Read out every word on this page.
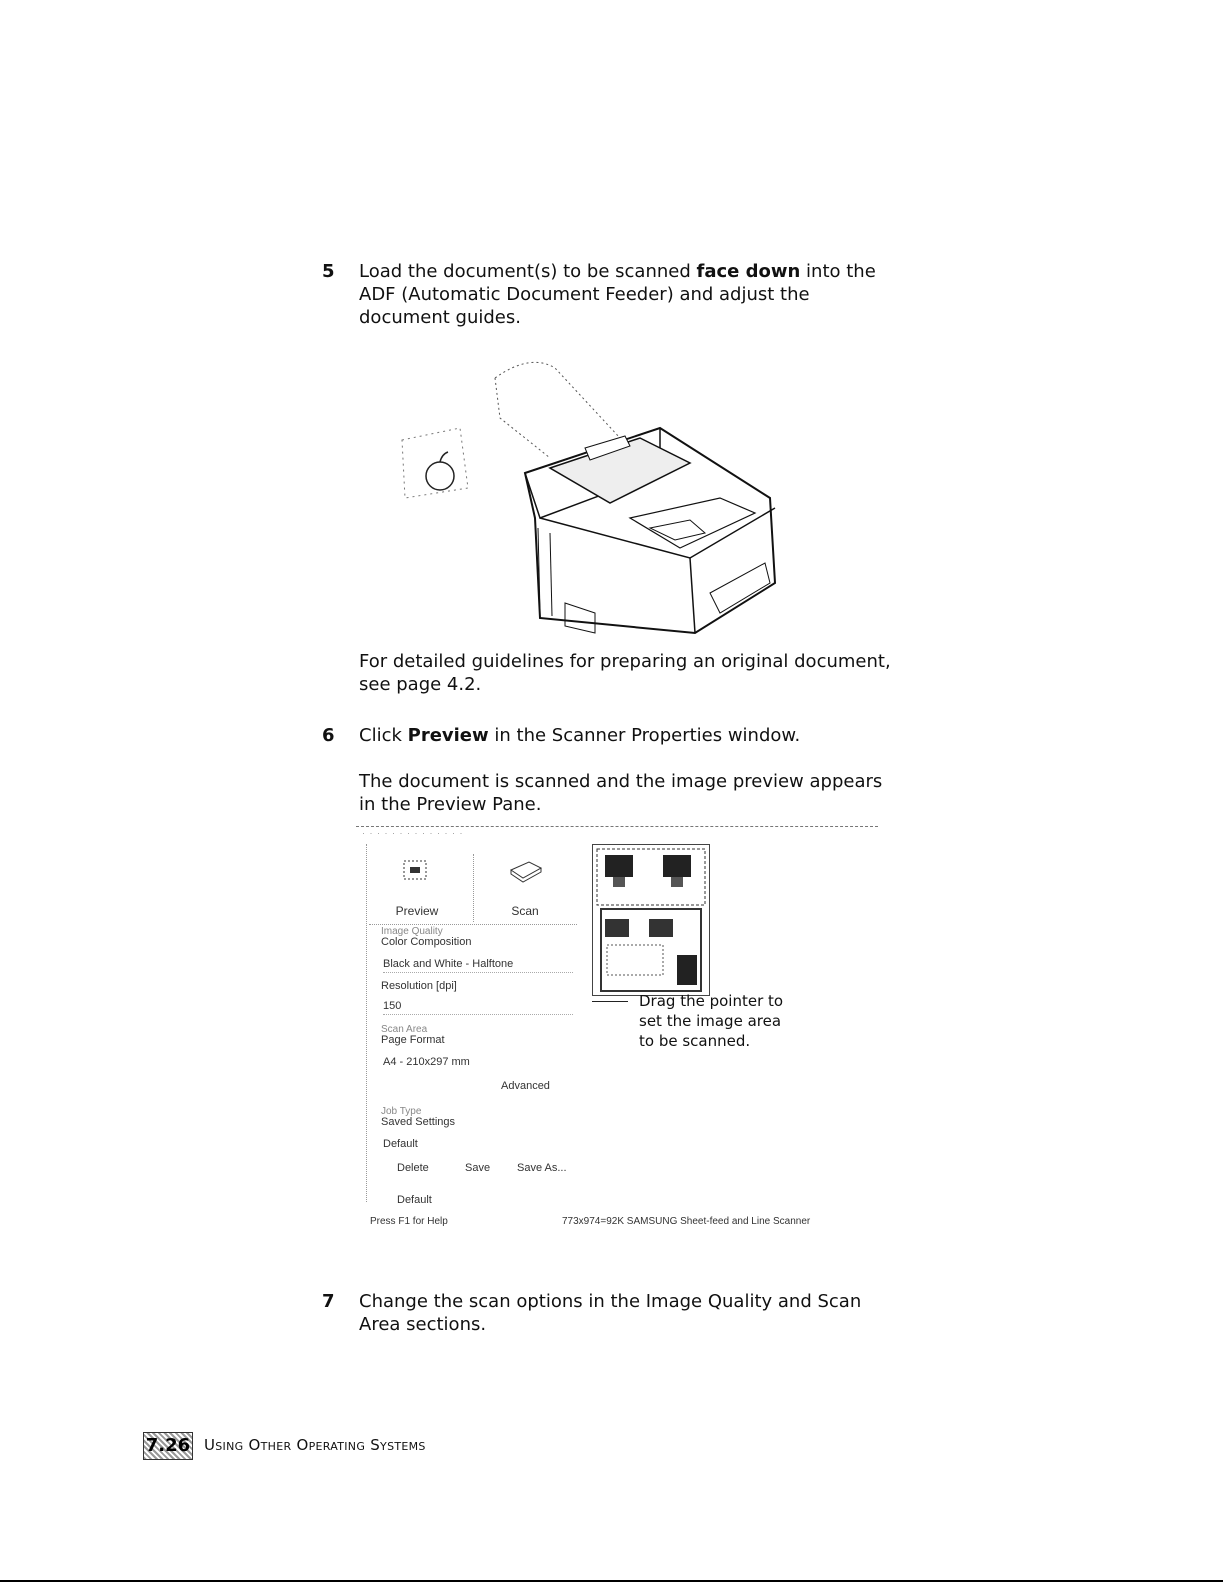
5	Load the document(s) to be scanned face down into the ADF (Automatic Document Feeder) and adjust the document guides.
For detailed guidelines for preparing an original document, see page 4.2.
6	Click Preview in the Scanner Properties window.
The document is scanned and the image preview appears in the Preview Pane.
· · · · · · · · · · · · · ·
Preview	Scan
Image Quality
Color Composition
Black and White - Halftone
Resolution [dpi]
150
Scan Area
Page Format
A4 - 210x297 mm
Advanced
Job Type
Saved Settings
Default
Delete	Save Save As...
Default
Drag the pointer to
set the image area
to be scanned.
Press F1 for Help	773x974=92K SAMSUNG Sheet-feed and Line Scanner
7	Change the scan options in the Image Quality and Scan Area sections.
7.26 Using Other Operating Systems
